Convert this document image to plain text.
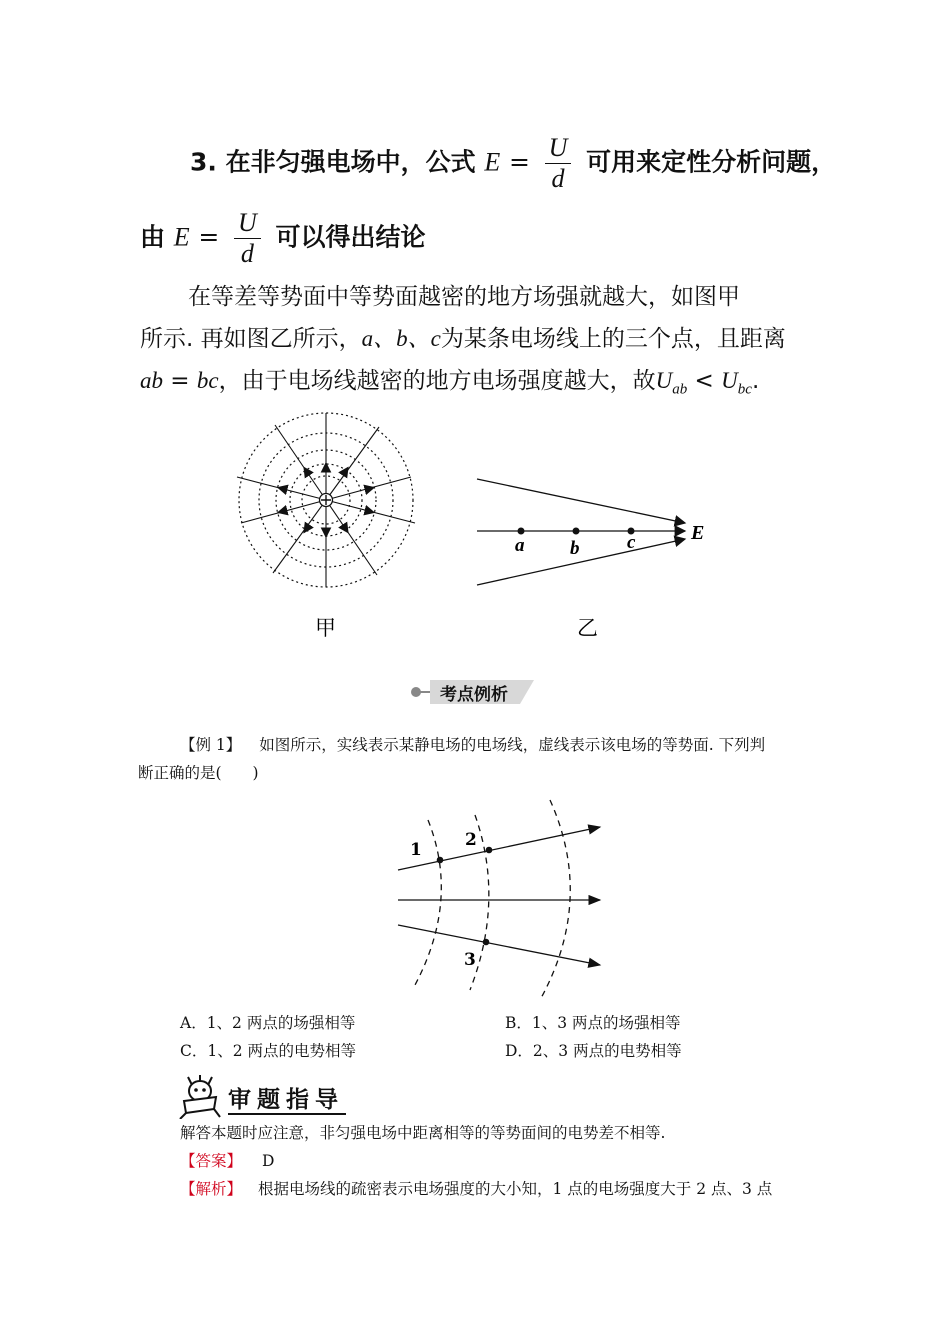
3. 在非匀强电场中，公式 $E = \frac{U}{d}$ 可用来定性分析问题，
由 $E = \frac{U}{d}$ 可以得出结论
在等差等势面中等势面越密的地方场强就越大，如图甲
所示. 再如图乙所示，a、b、c为某条电场线上的三个点，且距离
ab = bc，由于电场线越密的地方电场强度越大，故$U_{ab} < U_{bc}$.
a b	c	E
甲	乙
考点例析
【例 1】 如图所示，实线表示某静电场的电场线，虚线表示该电场的等势面. 下列判
断正确的是(　　)
1	2
3
A．1、2 两点的场强相等	B．1、3 两点的场强相等
C．1、2 两点的电势相等	D．2、3 两点的电势相等
审题指导
解答本题时应注意，非匀强电场中距离相等的等势面间的电势差不相等.
【答案】 D
【解析】 根据电场线的疏密表示电场强度的大小知，1 点的电场强度大于 2 点、3 点
